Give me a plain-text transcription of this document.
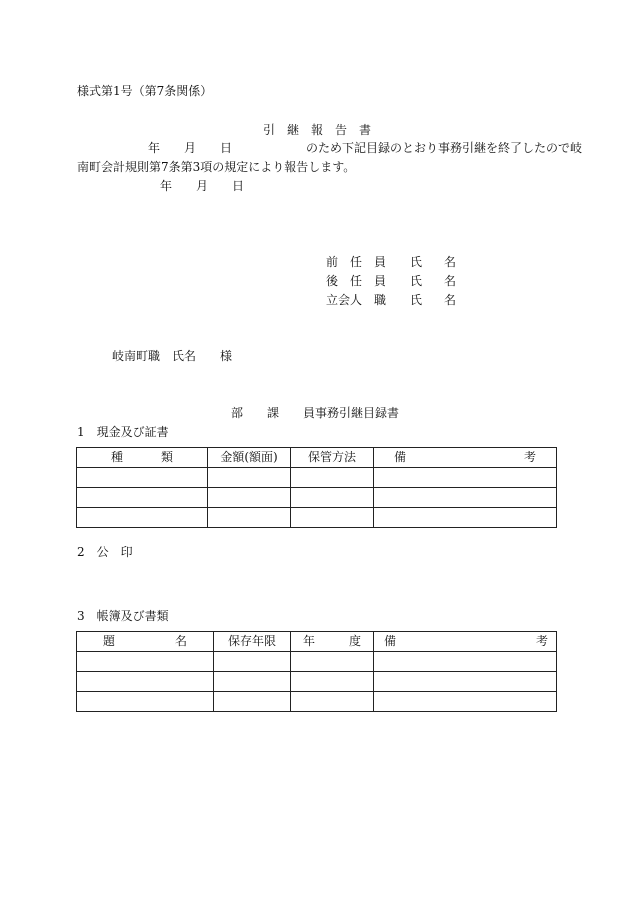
様式第1号（第7条関係）
引　継　報　告　書
年　　月　　日	のため下記目録のとおり事務引継を終了したので岐
南町会計規則第7条第3項の規定により報告します。
年　　月　　日
前　任　員 氏 名
後　任　員 氏 名
立会人　職 氏 名
岐南町職　氏名　　様
部　　課　　員事務引継目録書
1　現金及び証書
種 類	金額(額面)	保管方法	備 考

2　公　印
3　帳簿及び書類
題 名	保存年限	年 度	備 考
